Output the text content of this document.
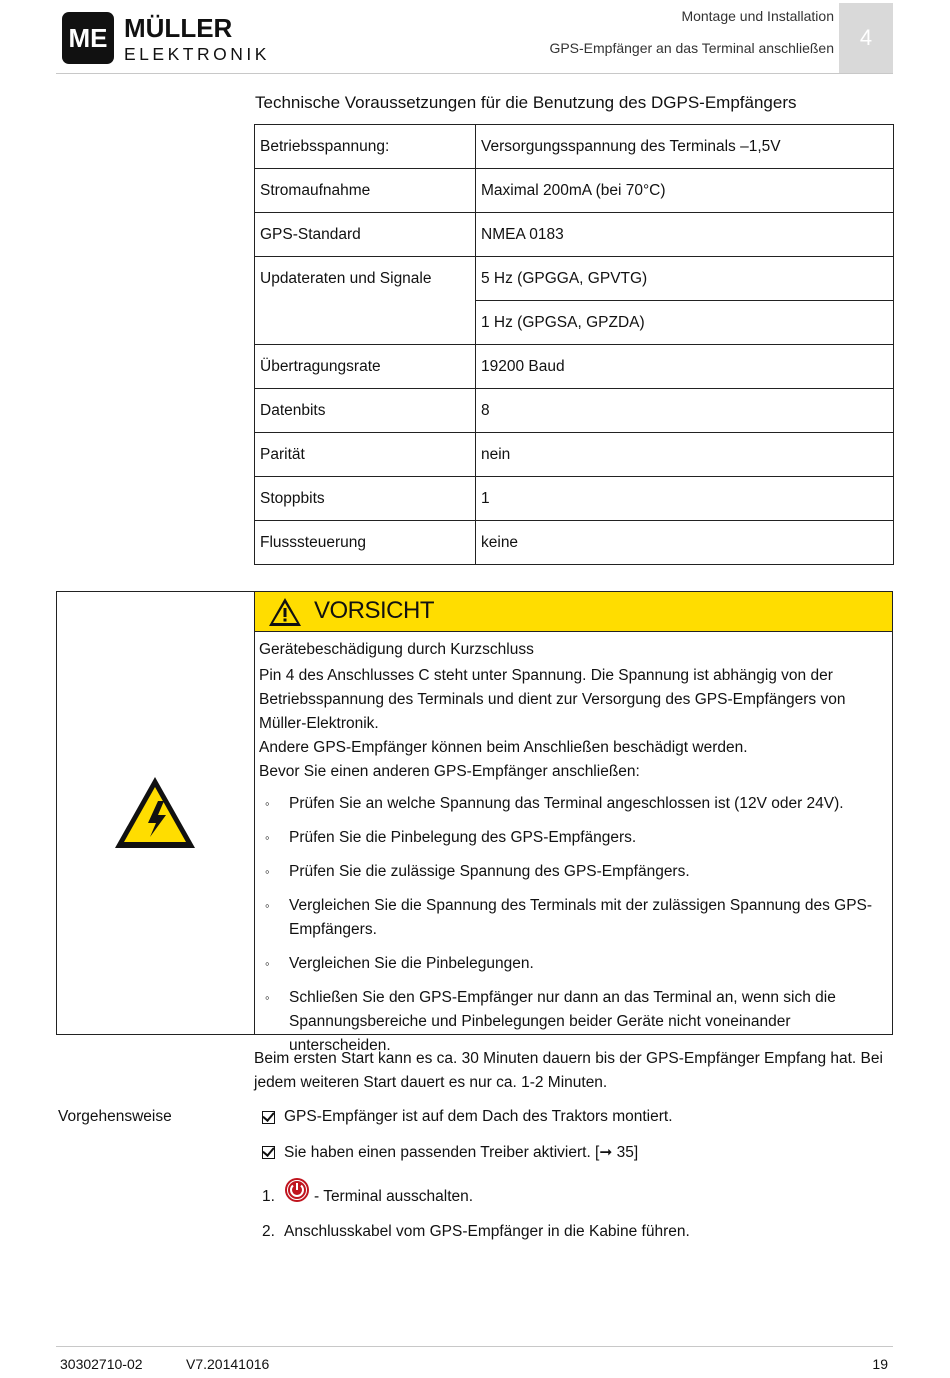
ME MÜLLER
ELEKTRONIK
Montage und Installation
GPS-Empfänger an das Terminal anschließen	4
Technische Voraussetzungen für die Benutzung des DGPS-Empfängers
Betriebsspannung:	Versorgungsspannung des Terminals –1,5V
Stromaufnahme	Maximal 200mA (bei 70°C)
GPS-Standard	NMEA 0183
Updateraten und Signale	5 Hz (GPGGA, GPVTG)
	1 Hz (GPGSA, GPZDA)
Übertragungsrate	19200 Baud
Datenbits	8
Parität	nein
Stoppbits	1
Flusssteuerung	keine
VORSICHT
Gerätebeschädigung durch Kurzschluss
Pin 4 des Anschlusses C steht unter Spannung. Die Spannung ist abhängig von der Betriebsspannung des Terminals und dient zur Versorgung des GPS-Empfängers von Müller-Elektronik.
Andere GPS-Empfänger können beim Anschließen beschädigt werden.
Bevor Sie einen anderen GPS-Empfänger anschließen:
◦ Prüfen Sie an welche Spannung das Terminal angeschlossen ist (12V oder 24V).
◦ Prüfen Sie die Pinbelegung des GPS-Empfängers.
◦ Prüfen Sie die zulässige Spannung des GPS-Empfängers.
◦ Vergleichen Sie die Spannung des Terminals mit der zulässigen Spannung des GPS-Empfängers.
◦ Vergleichen Sie die Pinbelegungen.
◦ Schließen Sie den GPS-Empfänger nur dann an das Terminal an, wenn sich die Spannungsbereiche und Pinbelegungen beider Geräte nicht voneinander unterscheiden.
Beim ersten Start kann es ca. 30 Minuten dauern bis der GPS-Empfänger Empfang hat. Bei jedem weiteren Start dauert es nur ca. 1-2 Minuten.
Vorgehensweise	GPS-Empfänger ist auf dem Dach des Traktors montiert.
Sie haben einen passenden Treiber aktiviert. [➞ 35]
1.	- Terminal ausschalten.
2. Anschlusskabel vom GPS-Empfänger in die Kabine führen.
30302710-02	V7.20141016	19
